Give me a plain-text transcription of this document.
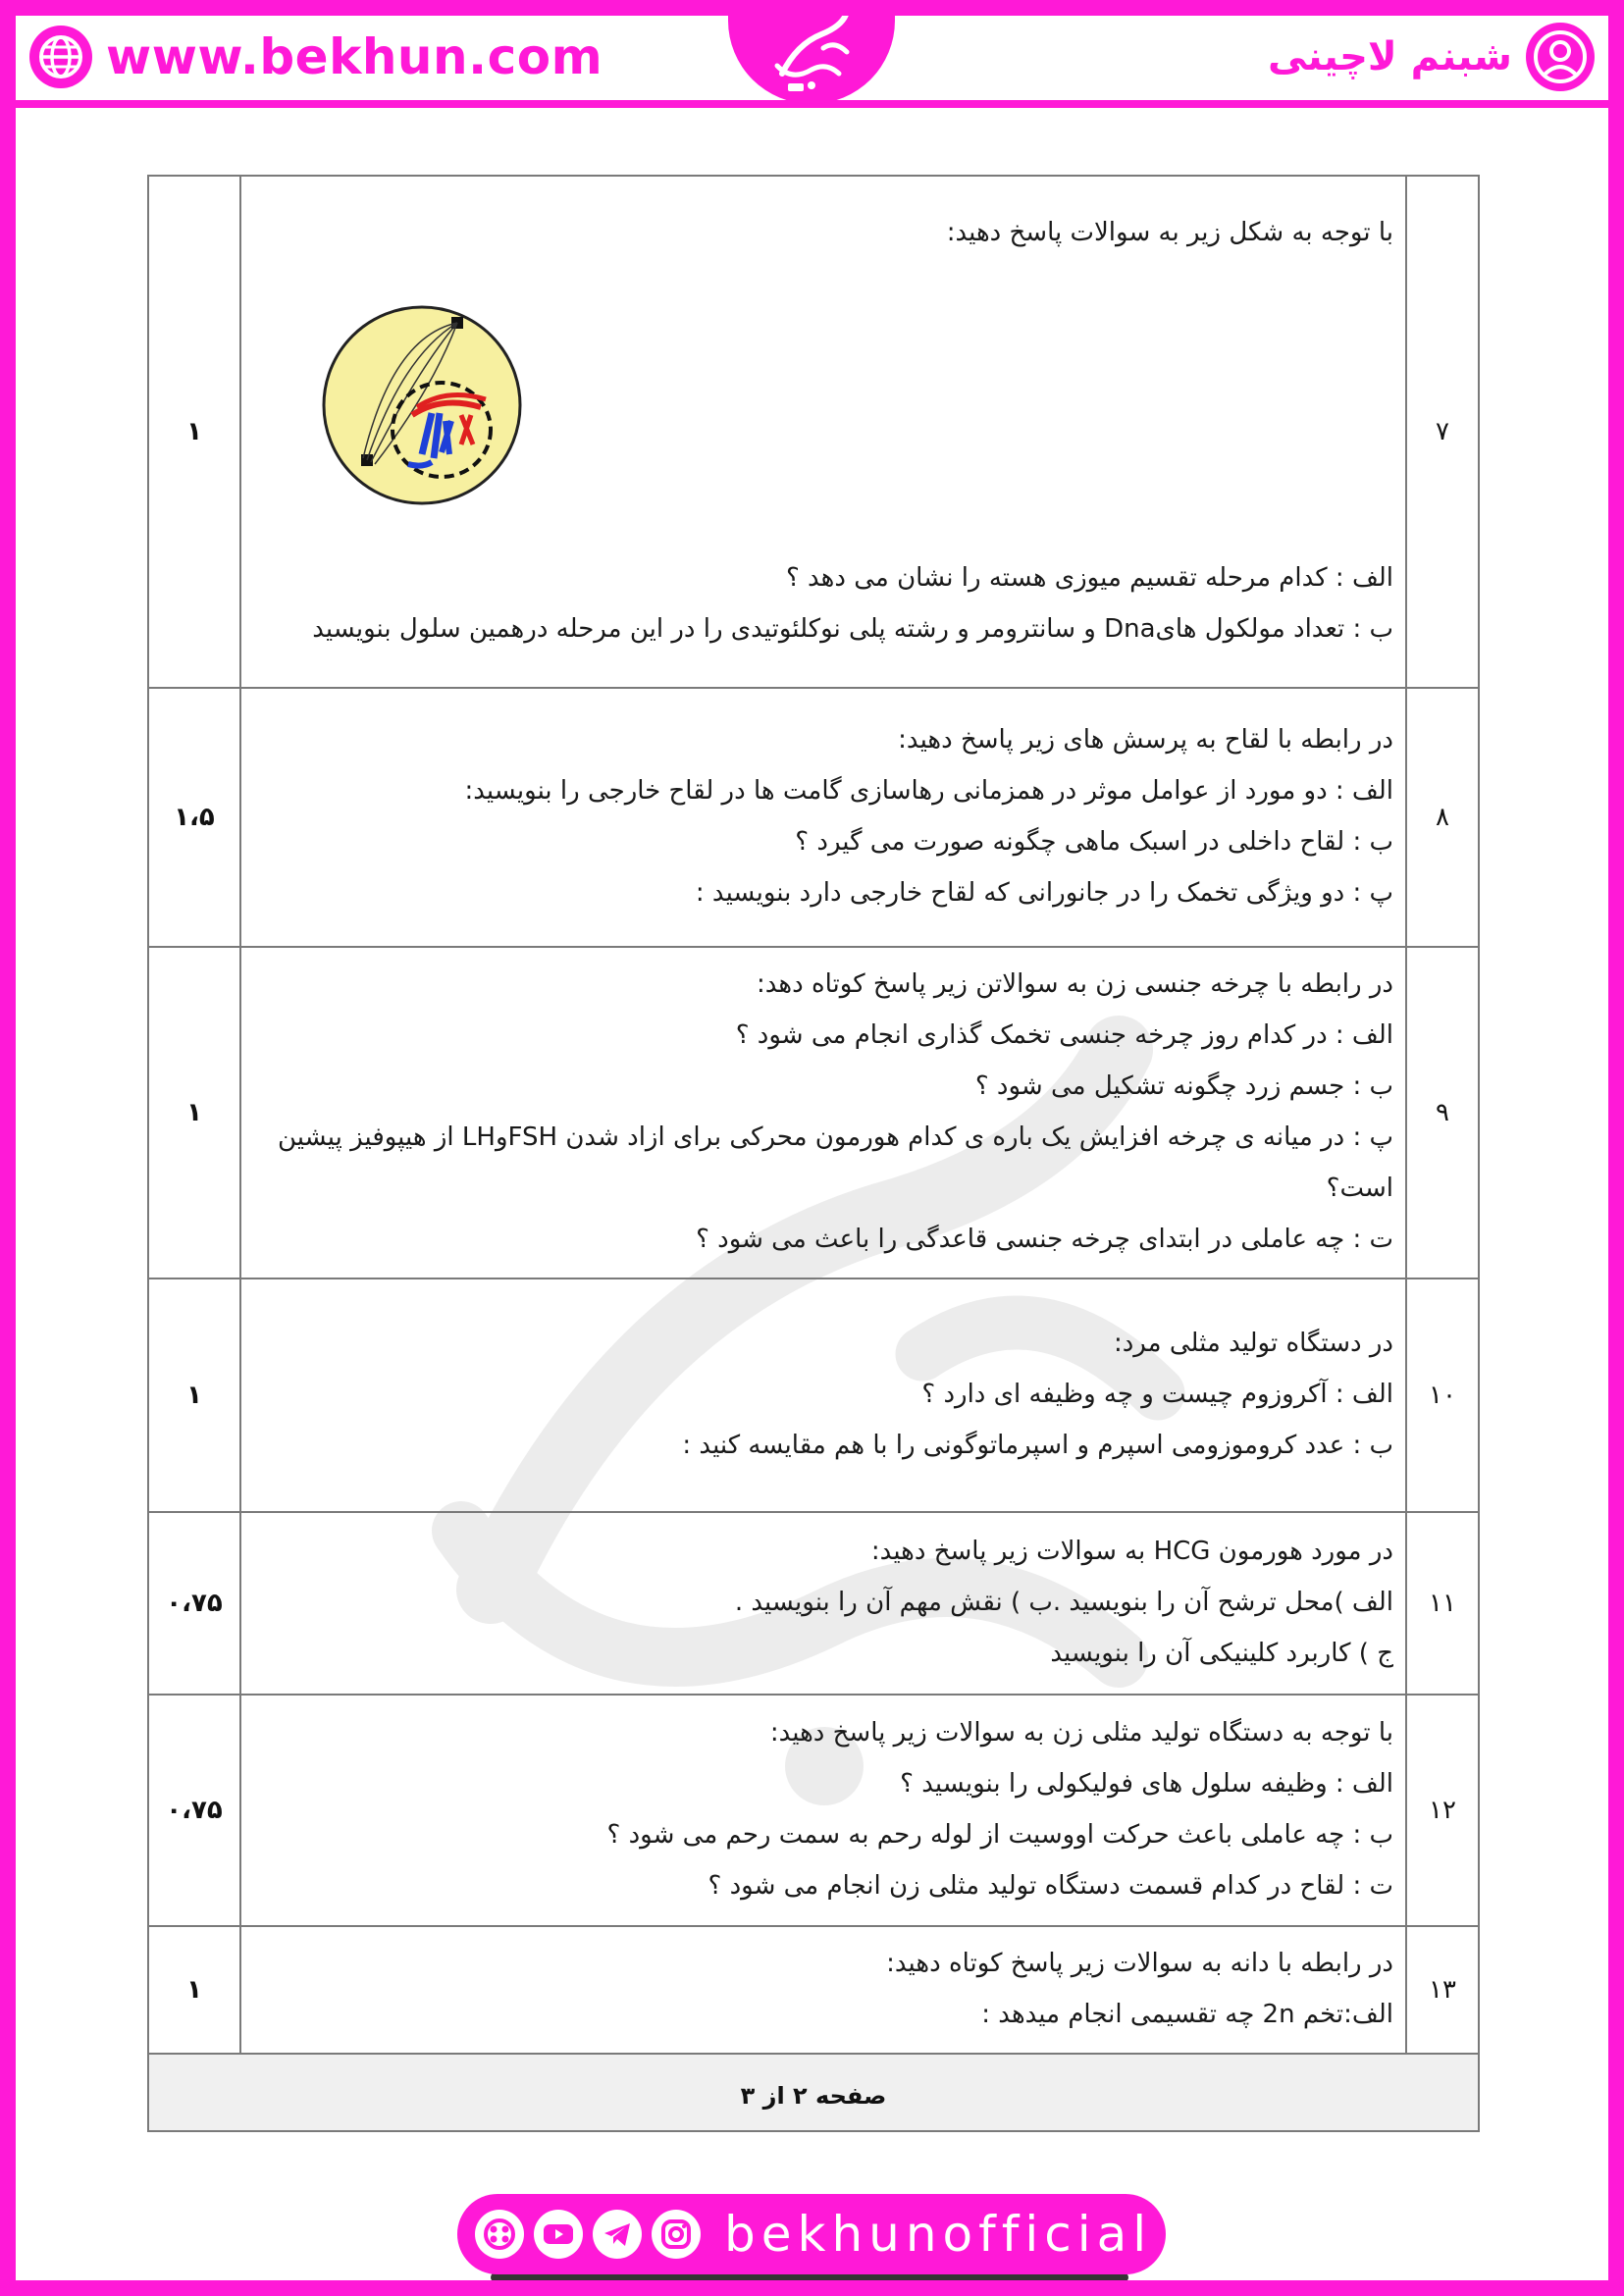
www.bekhun.com	شبنم لاچینی
۷	با توجه به شکل زیر به سوالات پاسخ دهید:
الف : کدام مرحله تقسیم میوزی هسته را نشان می دهد ؟
ب : تعداد مولکول هایDna و سانترومر و رشته پلی نوکلئوتیدی را در این مرحله درهمین سلول بنویسید	۱
۸	در رابطه با لقاح به پرسش های زیر پاسخ دهید:
الف : دو مورد از عوامل موثر در همزمانی رهاسازی گامت ها در لقاح خارجی را بنویسید:
ب : لقاح داخلی در اسبک ماهی چگونه صورت می گیرد ؟
پ : دو ویژگی تخمک را در جانورانی که لقاح خارجی دارد بنویسید :	۱،۵
۹	در رابطه با چرخه جنسی زن به سوالاتن زیر پاسخ کوتاه دهد:
الف : در کدام روز چرخه جنسی تخمک گذاری انجام می شود ؟
ب : جسم زرد چگونه تشکیل می شود ؟
پ : در میانه ی چرخه افزایش یک باره ی کدام هورمون محرکی برای ازاد شدن FSHوLH از هیپوفیز پیشین است؟
ت : چه عاملی در ابتدای چرخه جنسی قاعدگی را باعث می شود ؟	۱
۱۰	در دستگاه تولید مثلی مرد:
الف : آکروزوم چیست و چه وظیفه ای دارد ؟
ب : عدد کروموزومی اسپرم و اسپرماتوگونی را با هم مقایسه کنید :	۱
۱۱	در مورد هورمون HCG به سوالات زیر پاسخ دهید:
الف )محل ترشح آن را بنویسید .ب ) نقش مهم آن را بنویسید .
ج ) کاربرد کلینیکی آن را بنویسید	۰،۷۵
۱۲	با توجه به دستگاه تولید مثلی زن به سوالات زیر پاسخ دهید:
الف : وظیفه سلول های فولیکولی را بنویسید ؟
ب : چه عاملی باعث حرکت اووسیت از لوله رحم به سمت رحم می شود ؟
ت : لقاح در کدام قسمت دستگاه تولید مثلی زن انجام می شود ؟	۰،۷۵
۱۳	در رابطه با دانه به سوالات زیر پاسخ کوتاه دهید:
الف:تخم 2n چه تقسیمی انجام میدهد :	۱
صفحه ۲ از ۳		
bekhunofficial
